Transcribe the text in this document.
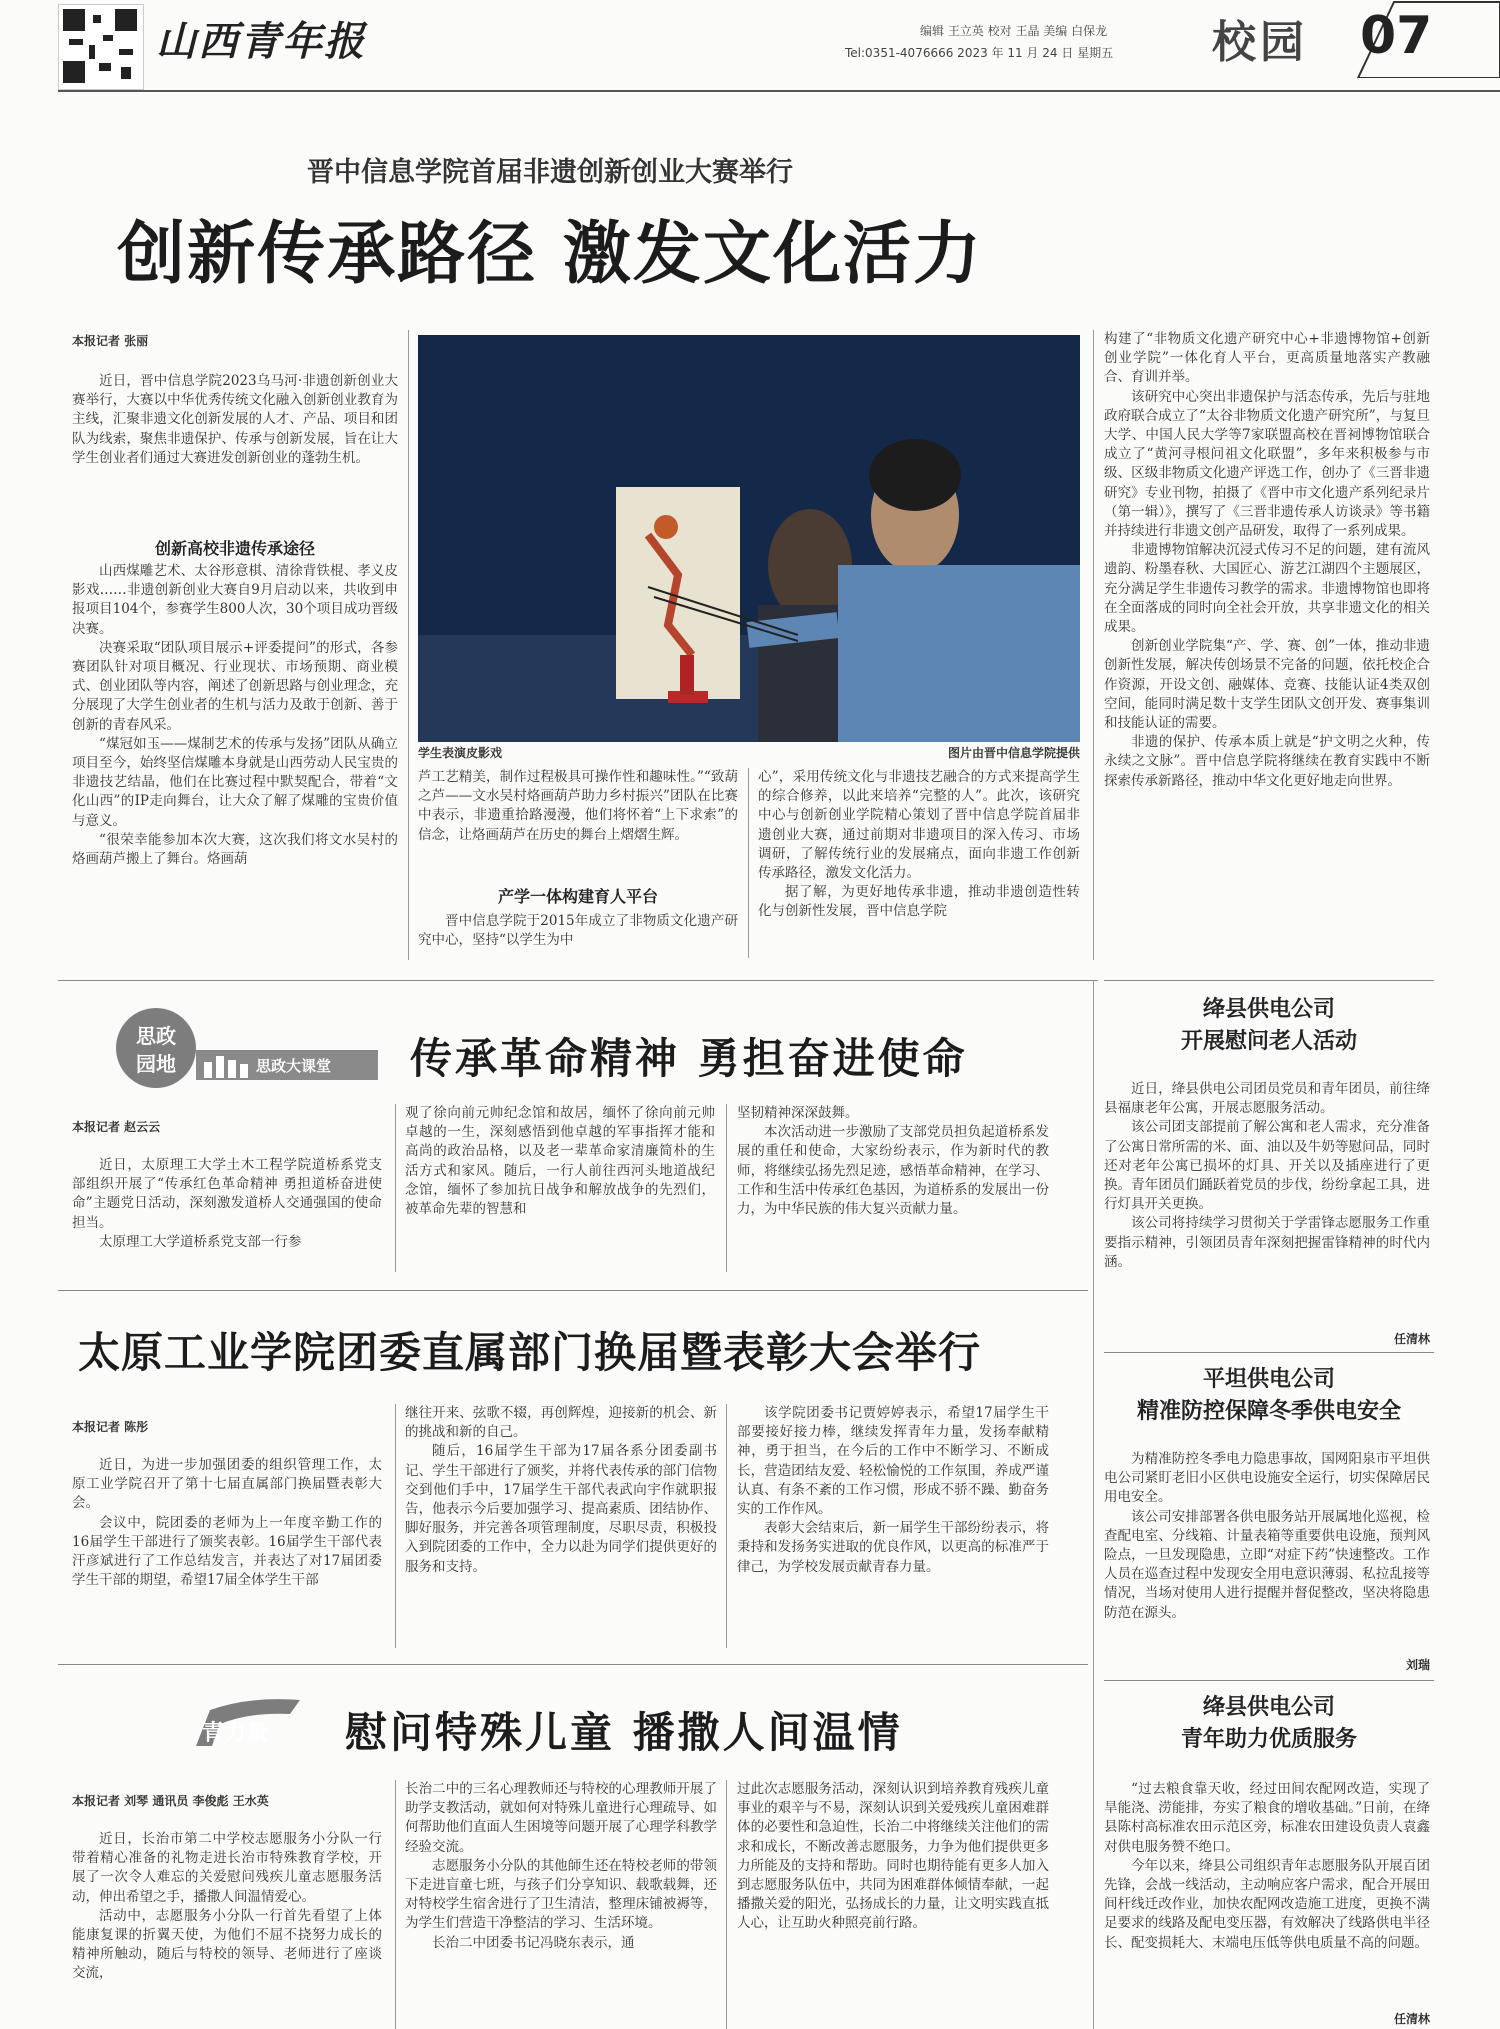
山西青年报	编辑 王立英 校对 王晶 美编 白保龙
Tel:0351-4076666 2023 年 11 月 24 日 星期五 校园 07
晋中信息学院首届非遗创新创业大赛举行
创新传承路径 激发文化活力
本报记者 张丽

近日，晋中信息学院2023乌马河·非遗创新创业大赛举行，大赛以中华优秀传统文化融入创新创业教育为主线，汇聚非遗文化创新发展的人才、产品、项目和团队为线索，聚焦非遗保护、传承与创新发展，旨在让大学生创业者们通过大赛进发创新创业的蓬勃生机。

创新高校非遗传承途径

山西煤雕艺术、太谷形意棋、清徐背铁棍、孝义皮影戏……非遗创新创业大赛自9月启动以来，共收到申报项目104个，参赛学生800人次，30个项目成功晋级决赛。

决赛采取“团队项目展示+评委提问”的形式，各参赛团队针对项目概况、行业现状、市场预期、商业模式、创业团队等内容，阐述了创新思路与创业理念，充分展现了大学生创业者的生机与活力及敢于创新、善于创新的青春风采。

“煤冠如玉——煤制艺术的传承与发扬”团队从确立项目至今，始终坚信煤雕本身就是山西劳动人民宝贵的非遗技艺结晶，他们在比赛过程中默契配合，带着“文化山西”的IP走向舞台，让大众了解了煤雕的宝贵价值与意义。

“很荣幸能参加本次大赛，这次我们将文水吴村的烙画葫芦搬上了舞台。烙画葫

学生表演皮影戏	图片由晋中信息学院提供

芦工艺精美，制作过程极具可操作性和趣味性。”“致葫之芦——文水吴村烙画葫芦助力乡村振兴”团队在比赛中表示，非遗重拾路漫漫，他们将怀着“上下求索”的信念，让烙画葫芦在历史的舞台上熠熠生辉。

产学一体构建育人平台

晋中信息学院于2015年成立了非物质文化遗产研究中心，坚持“以学生为中

心”，采用传统文化与非遗技艺融合的方式来提高学生的综合修养，以此来培养“完整的人”。此次，该研究中心与创新创业学院精心策划了晋中信息学院首届非遗创业大赛，通过前期对非遗项目的深入传习、市场调研，了解传统行业的发展痛点，面向非遗工作创新传承路径，激发文化活力。

据了解，为更好地传承非遗，推动非遗创造性转化与创新性发展，晋中信息学院

构建了“非物质文化遗产研究中心+非遗博物馆+创新创业学院”一体化育人平台，更高质量地落实产教融合、育训并举。

该研究中心突出非遗保护与活态传承，先后与驻地政府联合成立了“太谷非物质文化遗产研究所”，与复旦大学、中国人民大学等7家联盟高校在晋祠博物馆联合成立了“黄河寻根问祖文化联盟”，多年来积极参与市级、区级非物质文化遗产评选工作，创办了《三晋非遗研究》专业刊物，拍摄了《晋中市文化遗产系列纪录片（第一辑）》，撰写了《三晋非遗传承人访谈录》等书籍并持续进行非遗文创产品研发，取得了一系列成果。

非遗博物馆解决沉浸式传习不足的问题，建有流风遗韵、粉墨春秋、大国匠心、游艺江湖四个主题展区，充分满足学生非遗传习教学的需求。非遗博物馆也即将在全面落成的同时向全社会开放，共享非遗文化的相关成果。

创新创业学院集“产、学、赛、创”一体，推动非遗创新性发展，解决传创场景不完备的问题，依托校企合作资源，开设文创、融媒体、竞赛、技能认证4类双创空间，能同时满足数十支学生团队文创开发、赛事集训和技能认证的需要。

非遗的保护、传承本质上就是“护文明之火种，传永续之文脉”。晋中信息学院将继续在教育实践中不断探索传承新路径，推动中华文化更好地走向世界。

思政
园地	思政大课堂 传承革命精神 勇担奋进使命
本报记者 赵云云

近日，太原理工大学土木工程学院道桥系党支部组织开展了“传承红色革命精神 勇担道桥奋进使命”主题党日活动，深刻激发道桥人交通强国的使命担当。

太原理工大学道桥系党支部一行参

观了徐向前元帅纪念馆和故居，缅怀了徐向前元帅卓越的一生，深刻感悟到他卓越的军事指挥才能和高尚的政治品格，以及老一辈革命家清廉简朴的生活方式和家风。随后，一行人前往西河头地道战纪念馆，缅怀了参加抗日战争和解放战争的先烈们，被革命先辈的智慧和

坚韧精神深深鼓舞。

本次活动进一步激励了支部党员担负起道桥系发展的重任和使命，大家纷纷表示，作为新时代的教师，将继续弘扬先烈足迹，感悟革命精神，在学习、工作和生活中传承红色基因，为道桥系的发展出一份力，为中华民族的伟大复兴贡献力量。

绛县供电公司
开展慰问老人活动

近日，绛县供电公司团员党员和青年团员，前往绛县福康老年公寓，开展志愿服务活动。

该公司团支部提前了解公寓和老人需求，充分准备了公寓日常所需的米、面、油以及牛奶等慰问品，同时还对老年公寓已损坏的灯具、开关以及插座进行了更换。青年团员们踊跃着党员的步伐，纷纷拿起工具，进行灯具开关更换。

该公司将持续学习贯彻关于学雷锋志愿服务工作重要指示精神，引领团员青年深刻把握雷锋精神的时代内涵。

任清林
太原工业学院团委直属部门换届暨表彰大会举行
本报记者 陈彤

近日，为进一步加强团委的组织管理工作，太原工业学院召开了第十七届直属部门换届暨表彰大会。

会议中，院团委的老师为上一年度辛勤工作的16届学生干部进行了颁奖表彰。16届学生干部代表汗彦斌进行了工作总结发言，并表达了对17届团委学生干部的期望，希望17届全体学生干部

继往开来、弦歌不辍，再创辉煌，迎接新的机会、新的挑战和新的自己。

随后，16届学生干部为17届各系分团委副书记、学生干部进行了颁奖，并将代表传承的部门信物交到他们手中，17届学生干部代表武向宇作就职报告，他表示今后要加强学习、提高素质、团结协作、脚好服务，并完善各项管理制度，尽职尽责，积极投入到院团委的工作中，全力以赴为同学们提供更好的服务和支持。

该学院团委书记贾婷婷表示，希望17届学生干部要接好接力棒，继续发挥青年力量，发扬奉献精神，勇于担当，在今后的工作中不断学习、不断成长，营造团结友爱、轻松愉悦的工作氛围，养成严谨认真、有条不紊的工作习惯，形成不骄不躁、勤奋务实的工作作风。

表彰大会结束后，新一届学生干部纷纷表示，将秉持和发扬务实进取的优良作风，以更高的标准严于律己，为学校发展贡献青春力量。

平坦供电公司
精准防控保障冬季供电安全

为精准防控冬季电力隐患事故，国网阳泉市平坦供电公司紧盯老旧小区供电设施安全运行，切实保障居民用电安全。

该公司安排部署各供电服务站开展属地化巡视，检查配电室、分线箱、计量表箱等重要供电设施，预判风险点，一旦发现隐患，立即“对症下药”快速整改。工作人员在巡查过程中发现安全用电意识薄弱、私拉乱接等情况，当场对使用人进行提醒并督促整改，坚决将隐患防范在源头。

刘瑞
青力量 慰问特殊儿童 播撒人间温情
本报记者 刘琴 通讯员 李俊彪 王水英

近日，长治市第二中学校志愿服务小分队一行带着精心准备的礼物走进长治市特殊教育学校，开展了一次令人难忘的关爱慰问残疾儿童志愿服务活动，伸出希望之手，播撒人间温情爱心。

活动中，志愿服务小分队一行首先看望了上体能康复课的折翼天使，为他们不屈不挠努力成长的精神所触动，随后与特校的领导、老师进行了座谈交流，

长治二中的三名心理教师还与特校的心理教师开展了助学支教活动，就如何对特殊儿童进行心理疏导、如何帮助他们直面人生困境等问题开展了心理学科教学经验交流。

志愿服务小分队的其他師生还在特校老师的带领下走进盲童七班，与孩子们分享知识、载歌载舞，还对特校学生宿舍进行了卫生清洁，整理床铺被褥等，为学生们营造干净整洁的学习、生活环境。

长治二中团委书记冯晓东表示，通

过此次志愿服务活动，深刻认识到培养教育残疾儿童事业的艰辛与不易，深刻认识到关爱残疾儿童困难群体的必要性和急迫性，长治二中将继续关注他们的需求和成长，不断改善志愿服务，力争为他们提供更多力所能及的支持和帮助。同时也期待能有更多人加入到志愿服务队伍中，共同为困难群体倾情奉献，一起播撒关爱的阳光，弘扬成长的力量，让文明实践直抵人心，让互助火种照亮前行路。

绛县供电公司
青年助力优质服务

“过去粮食靠天收，经过田间农配网改造，实现了旱能浇、涝能排，夯实了粮食的增收基础。”日前，在绛县陈村高标准农田示范区旁，标准农田建设负责人袁鑫对供电服务赞不绝口。

今年以来，绛县公司组织青年志愿服务队开展百团先锋，会战一线活动，主动响应客户需求，配合开展田间杆线迁改作业，加快农配网改造施工进度，更换不满足要求的线路及配电变压器，有效解决了线路供电半径长、配变损耗大、末端电压低等供电质量不高的问题。

任清林
